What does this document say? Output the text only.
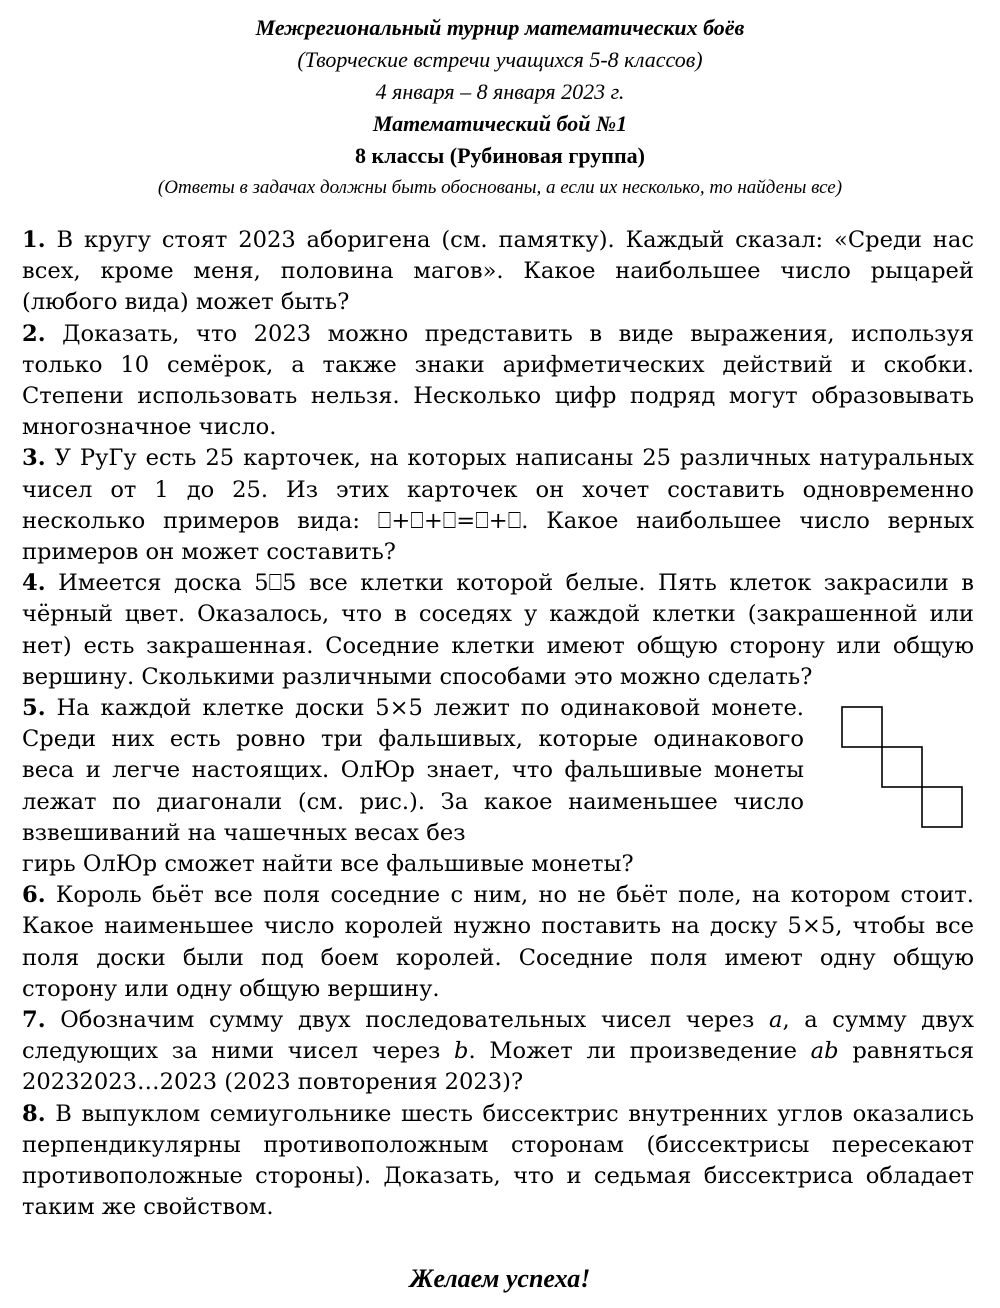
Межрегиональный турнир математических боёв
(Творческие встречи учащихся 5-8 классов)
4 января – 8 января 2023 г.
Математический бой №1
8 классы (Рубиновая группа)
(Ответы в задачах должны быть обоснованы, а если их несколько, то найдены все)

1. В кругу стоят 2023 аборигена (см. памятку). Каждый сказал: «Среди нас всех, кроме меня, половина магов». Какое наибольшее число рыцарей (любого вида) может быть?

2. Доказать, что 2023 можно представить в виде выражения, используя только 10 семёрок, а также знаки арифметических действий и скобки. Степени использовать нельзя. Несколько цифр подряд могут образовывать многозначное число.

3. У РуГу есть 25 карточек, на которых написаны 25 различных натуральных чисел от 1 до 25. Из этих карточек он хочет составить одновременно несколько примеров вида: ⎕+⎕+⎕=⎕+⎕. Какое наибольшее число верных примеров он может составить?

4. Имеется доска 5⎕5 все клетки которой белые. Пять клеток закрасили в чёрный цвет. Оказалось, что в соседях у каждой клетки (закрашенной или нет) есть закрашенная. Соседние клетки имеют общую сторону или общую вершину. Сколькими различными способами это можно сделать?

5. На каждой клетке доски 5×5 лежит по одинаковой монете. Среди них есть ровно три фальшивых, которые одинакового веса и легче настоящих. ОлЮр знает, что фальшивые монеты лежат по диагонали (см. рис.). За какое наименьшее число взвешиваний на чашечных весах без

гирь ОлЮр сможет найти все фальшивые монеты?

6. Король бьёт все поля соседние с ним, но не бьёт поле, на котором стоит. Какое наименьшее число королей нужно поставить на доску 5×5, чтобы все поля доски были под боем королей. Соседние поля имеют одну общую сторону или одну общую вершину.

7. Обозначим сумму двух последовательных чисел через a, а сумму двух следующих за ними чисел через b. Может ли произведение ab равняться 20232023…2023 (2023 повторения 2023)?

8. В выпуклом семиугольнике шесть биссектрис внутренних углов оказались перпендикулярны противоположным сторонам (биссектрисы пересекают противоположные стороны). Доказать, что и седьмая биссектриса обладает таким же свойством.

Желаем успеха!
